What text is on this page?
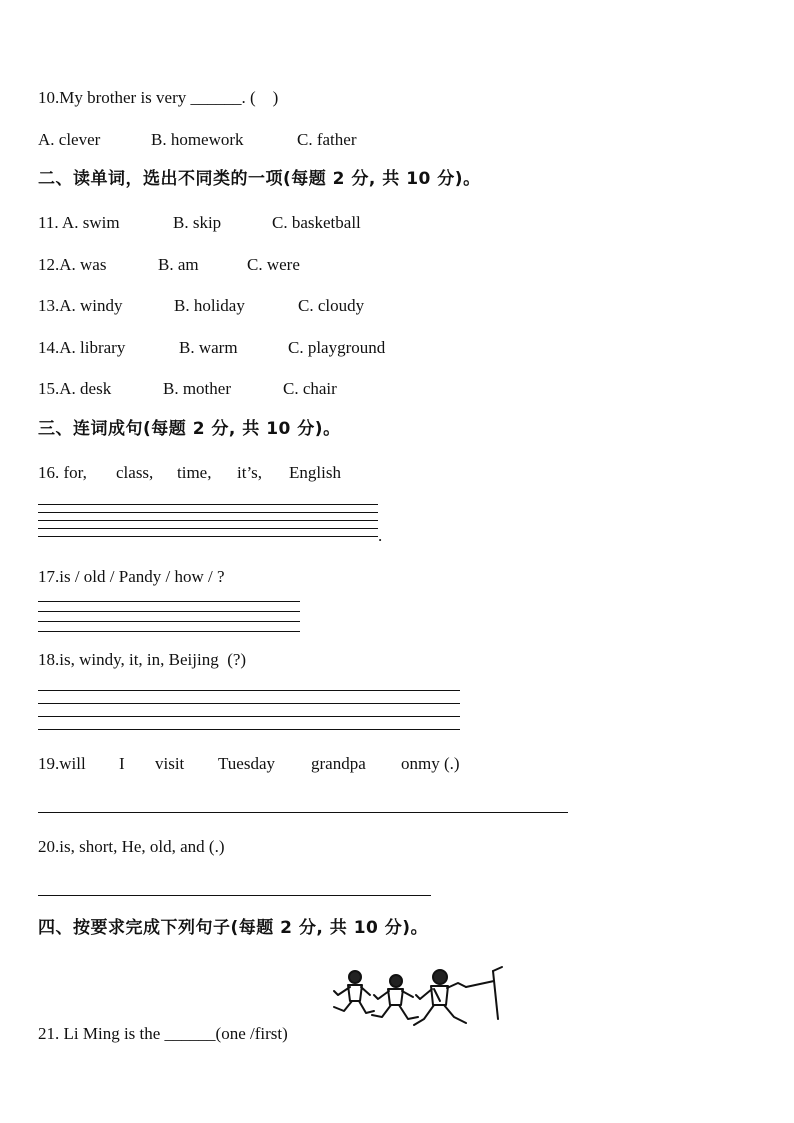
10.My brother is very ______. (    )
A. clever	B. homework	C. father
二、读单词，选出不同类的一项(每题 2 分, 共 10 分)。
11. A. swim	B. skip	C. basketball
12.A. was	B. am	C. were
13.A. windy	B. holiday	C. cloudy
14.A. library	B. warm	C. playground
15.A. desk	B. mother	C. chair
三、连词成句(每题 2 分, 共 10 分)。
16. for, class, time, it’s, English
.
17.is / old / Pandy / how / ?
18.is, windy, it, in, Beijing  (?)
19.will I visit Tuesday grandpa onmy (.)
20.is, short, He, old, and (.)
四、按要求完成下列句子(每题 2 分, 共 10 分)。
21. Li Ming is the ______(one /first)
